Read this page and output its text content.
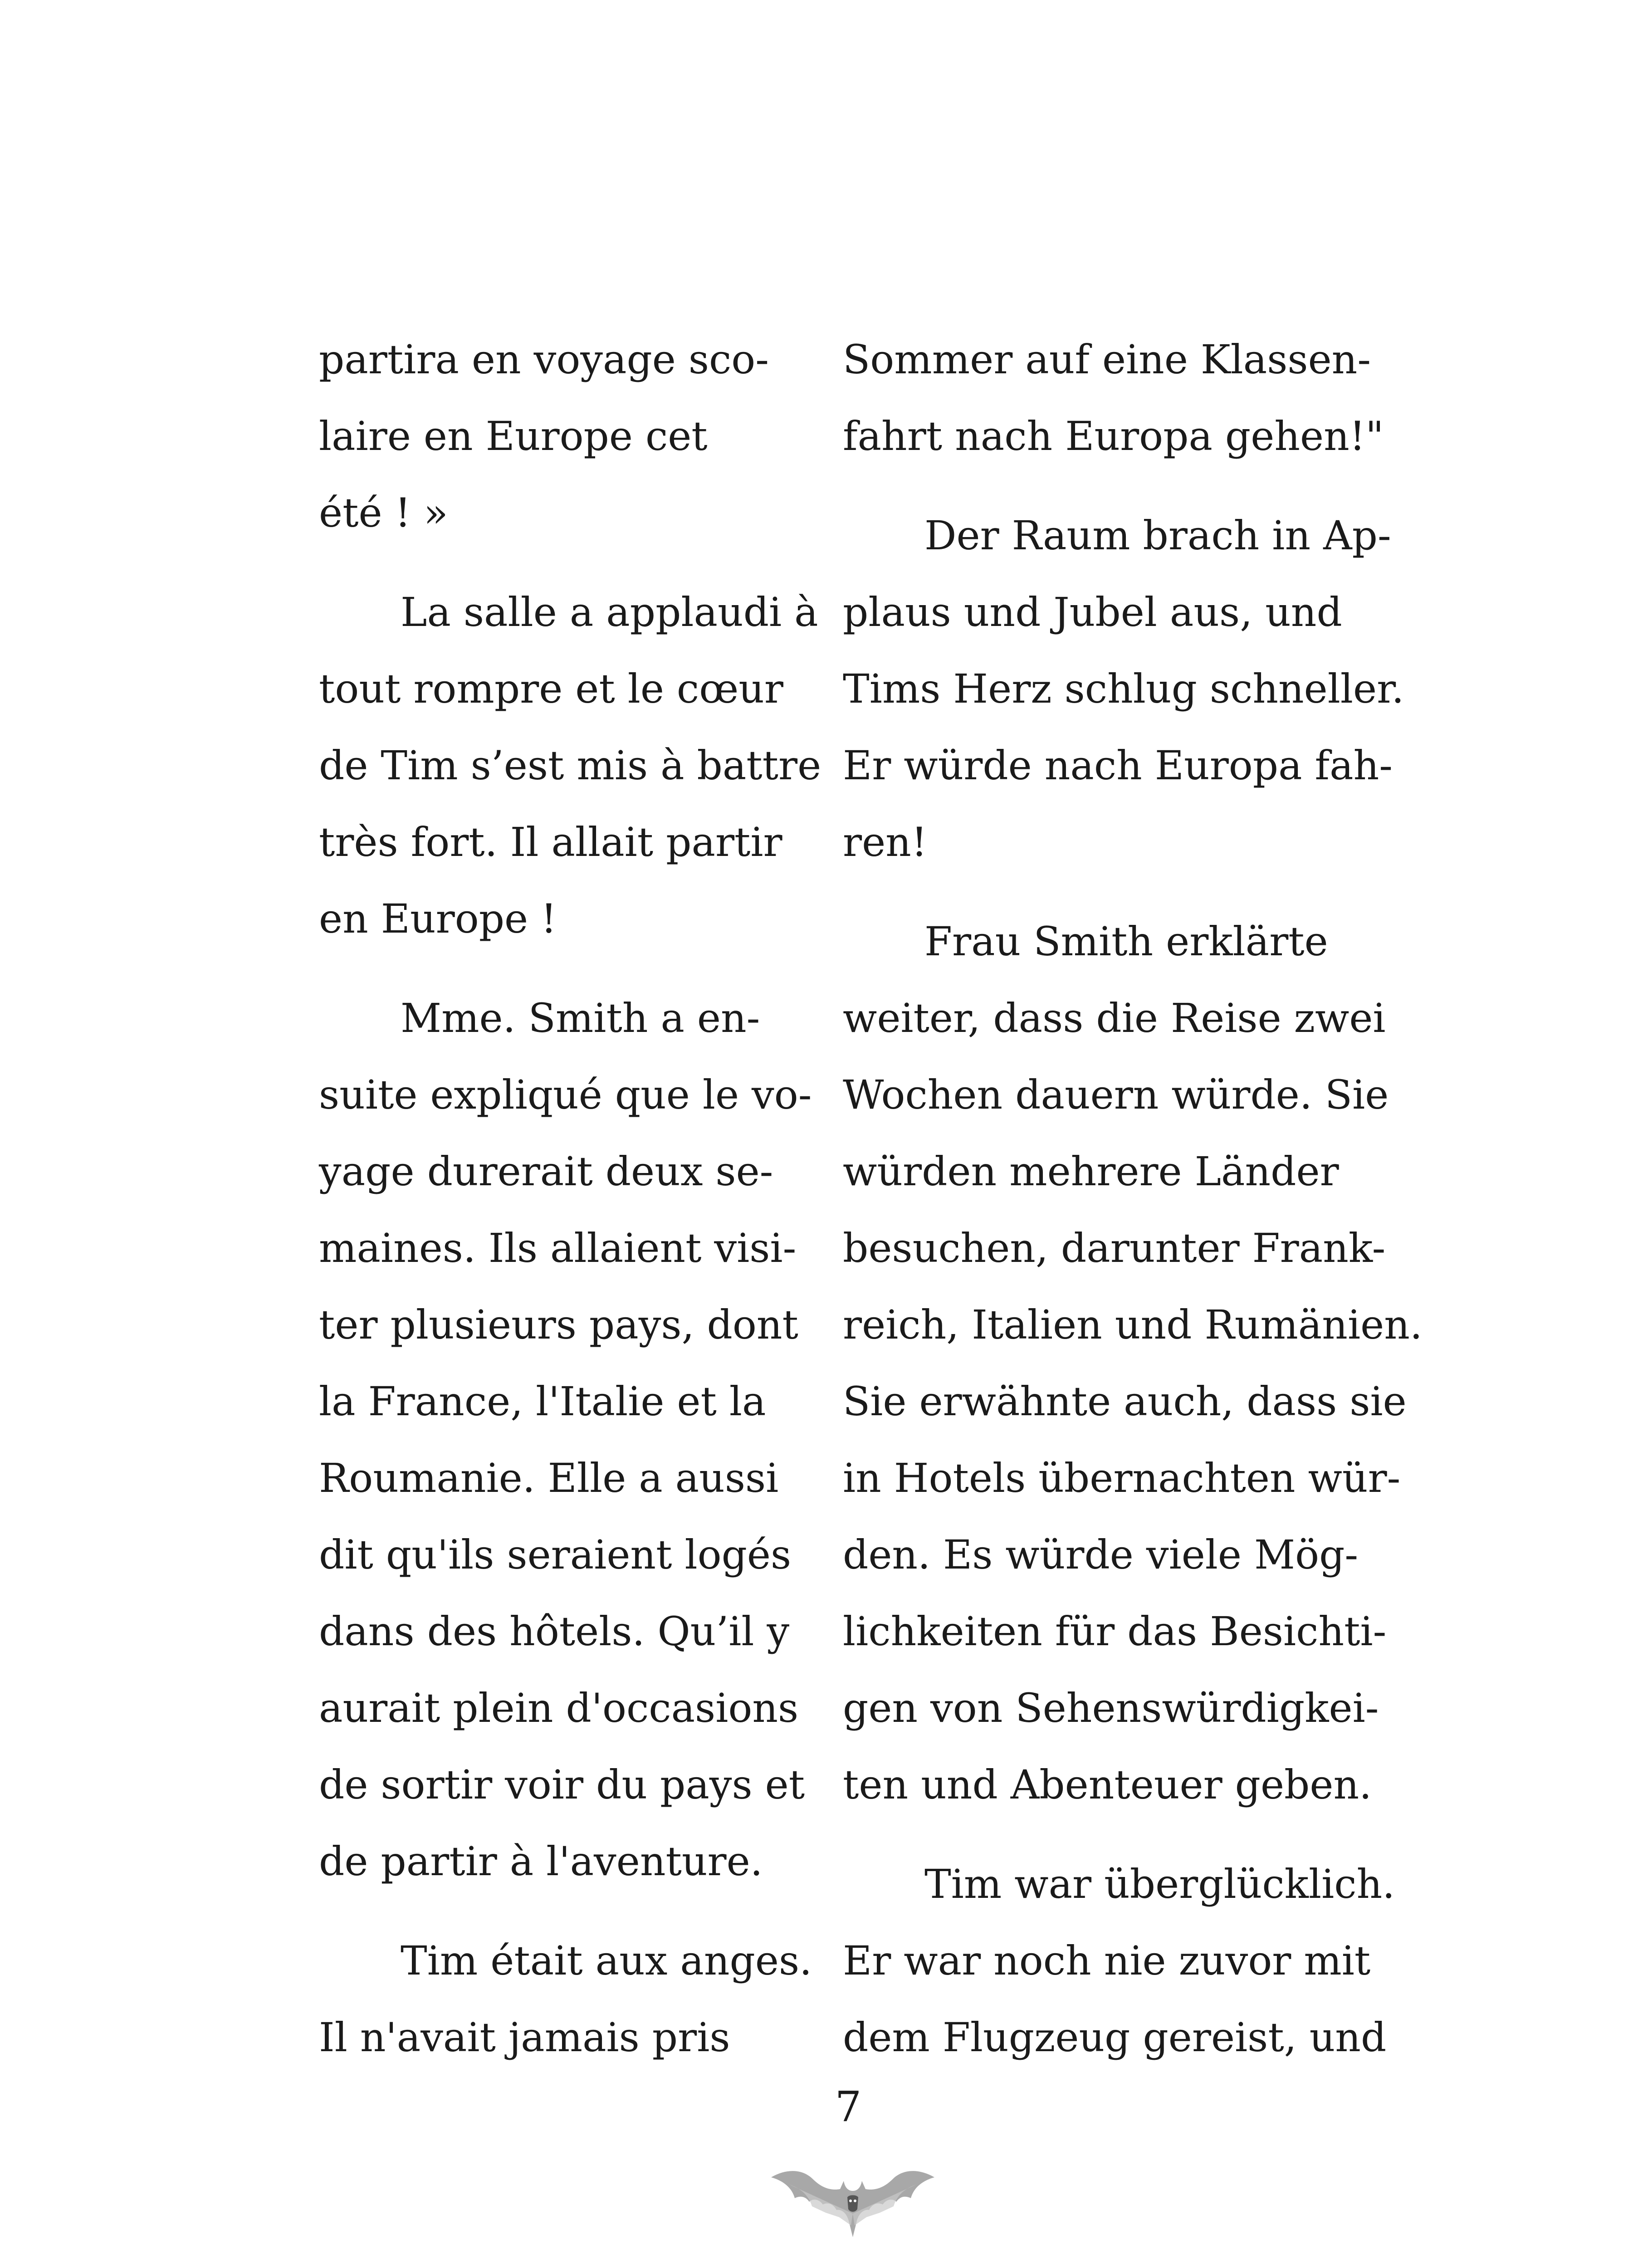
partira en voyage sco-
laire en Europe cet
été ! »
La salle a applaudi à
tout rompre et le cœur
de Tim s’est mis à battre
très fort. Il allait partir
en Europe !
Mme. Smith a en-
suite expliqué que le vo-
yage durerait deux se-
maines. Ils allaient visi-
ter plusieurs pays, dont
la France, l'Italie et la
Roumanie. Elle a aussi
dit qu'ils seraient logés
dans des hôtels. Qu’il y
aurait plein d'occasions
de sortir voir du pays et
de partir à l'aventure.
Tim était aux anges.
Il n'avait jamais pris
Sommer auf eine Klassen-
fahrt nach Europa gehen!"
Der Raum brach in Ap-
plaus und Jubel aus, und
Tims Herz schlug schneller.
Er würde nach Europa fah-
ren!
Frau Smith erklärte
weiter, dass die Reise zwei
Wochen dauern würde. Sie
würden mehrere Länder
besuchen, darunter Frank-
reich, Italien und Rumänien.
Sie erwähnte auch, dass sie
in Hotels übernachten wür-
den. Es würde viele Mög-
lichkeiten für das Besichti-
gen von Sehenswürdigkei-
ten und Abenteuer geben.
Tim war überglücklich.
Er war noch nie zuvor mit
dem Flugzeug gereist, und
7
